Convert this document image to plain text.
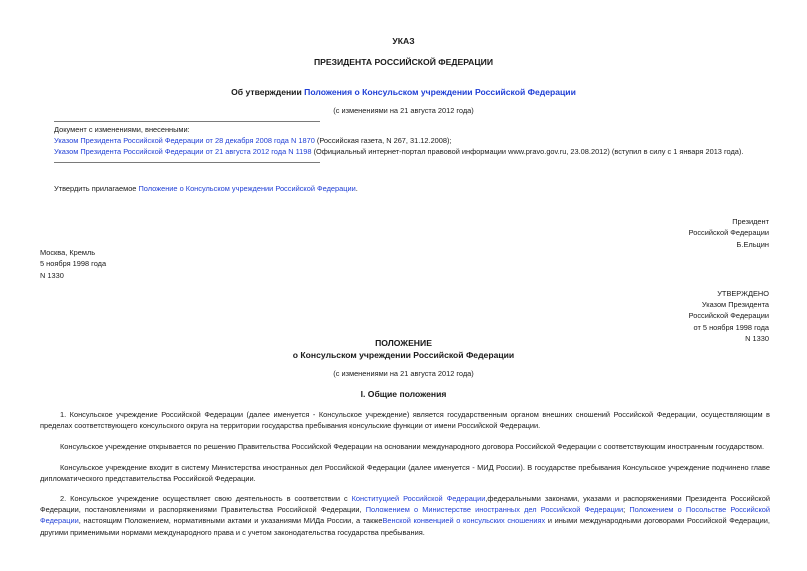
УКАЗ
ПРЕЗИДЕНТА РОССИЙСКОЙ ФЕДЕРАЦИИ
Об утверждении Положения о Консульском учреждении Российской Федерации
(с изменениями на 21 августа 2012 года)
Документ с изменениями, внесенными:
Указом Президента Российской Федерации от 28 декабря 2008 года N 1870 (Российская газета, N 267, 31.12.2008);
Указом Президента Российской Федерации от 21 августа 2012 года N 1198 (Официальный интернет-портал правовой информации www.pravo.gov.ru, 23.08.2012) (вступил в силу с 1 января 2013 года).
Утвердить прилагаемое Положение о Консульском учреждении Российской Федерации.
Президент
Российской Федерации
Б.Ельцин
Москва, Кремль
5 ноября 1998 года
N 1330
УТВЕРЖДЕНО
Указом Президента
Российской Федерации
от 5 ноября 1998 года
N 1330
ПОЛОЖЕНИЕ
о Консульском учреждении Российской Федерации
(с изменениями на 21 августа 2012 года)
I. Общие положения
1. Консульское учреждение Российской Федерации (далее именуется - Консульское учреждение) является государственным органом внешних сношений Российской Федерации, осуществляющим в пределах соответствующего консульского округа на территории государства пребывания консульские функции от имени Российской Федерации.
Консульское учреждение открывается по решению Правительства Российской Федерации на основании международного договора Российской Федерации с соответствующим иностранным государством.
Консульское учреждение входит в систему Министерства иностранных дел Российской Федерации (далее именуется - МИД России). В государстве пребывания Консульское учреждение подчинено главе дипломатического представительства Российской Федерации.
2. Консульское учреждение осуществляет свою деятельность в соответствии с Конституцией Российской Федерации,федеральными законами, указами и распоряжениями Президента Российской Федерации, постановлениями и распоряжениями Правительства Российской Федерации, Положением о Министерстве иностранных дел Российской Федерации; Положением о Посольстве Российской Федерации, настоящим Положением, нормативными актами и указаниями МИДа России, а такжеВенской конвенцией о консульских сношениях и иными международными договорами Российской Федерации, другими применимыми нормами международного права и с учетом законодательства государства пребывания.
